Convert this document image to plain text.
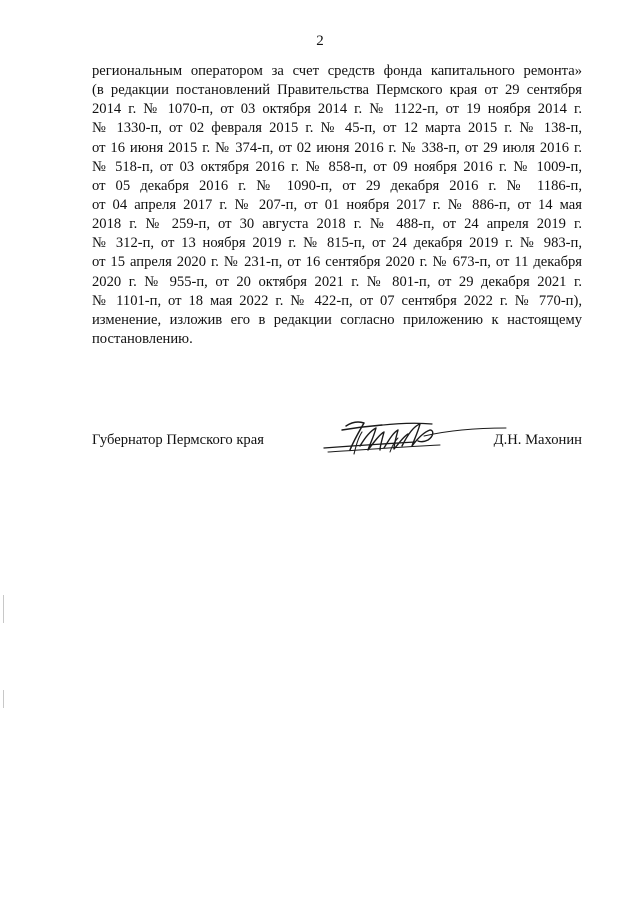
2
региональным оператором за счет средств фонда капитального ремонта»
(в редакции постановлений Правительства Пермского края от 29 сентября
2014 г. № 1070-п, от 03 октября 2014 г. № 1122-п, от 19 ноября 2014 г.
№ 1330-п, от 02 февраля 2015 г. № 45-п, от 12 марта 2015 г. № 138-п,
от 16 июня 2015 г. № 374-п, от 02 июня 2016 г. № 338-п, от 29 июля 2016 г.
№ 518-п, от 03 октября 2016 г. № 858-п, от 09 ноября 2016 г. № 1009-п,
от 05 декабря 2016 г. № 1090-п, от 29 декабря 2016 г. № 1186-п,
от 04 апреля 2017 г. № 207-п, от 01 ноября 2017 г. № 886-п, от 14 мая
2018 г. № 259-п, от 30 августа 2018 г. № 488-п, от 24 апреля 2019 г.
№ 312-п, от 13 ноября 2019 г. № 815-п, от 24 декабря 2019 г. № 983-п,
от 15 апреля 2020 г. № 231-п, от 16 сентября 2020 г. № 673-п, от 11 декабря
2020 г. № 955-п, от 20 октября 2021 г. № 801-п, от 29 декабря 2021 г.
№ 1101-п, от 18 мая 2022 г. № 422-п, от 07 сентября 2022 г. № 770-п),
изменение, изложив его в редакции согласно приложению к настоящему
постановлению.
Губернатор Пермского края	Д.Н. Махонин
